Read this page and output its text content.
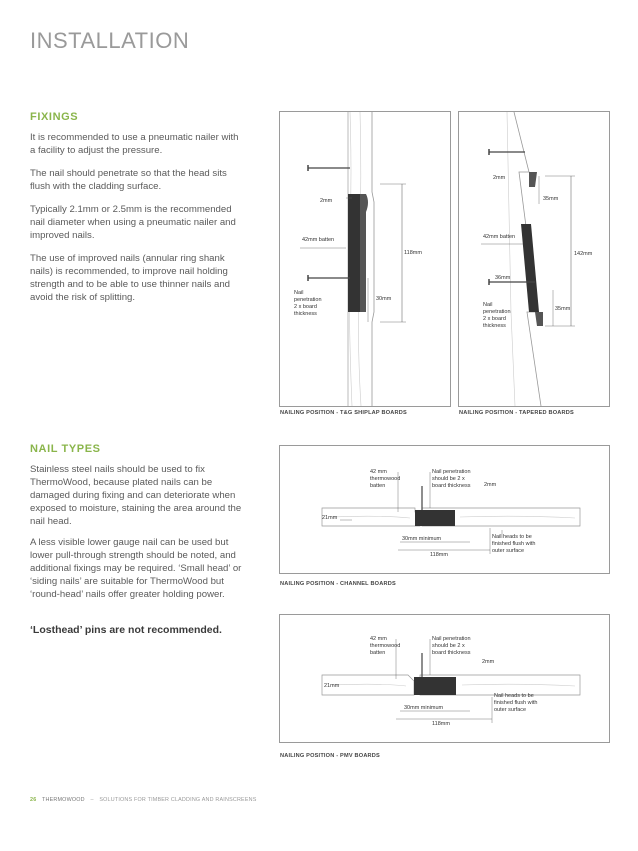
INSTALLATION
FIXINGS

It is recommended to use a pneumatic nailer with a facility to adjust the pressure.

The nail should penetrate so that the head sits flush with the cladding surface.

Typically 2.1mm or 2.5mm is the recommended nail diameter when using a pneumatic nailer and improved nails.

The use of improved nails (annular ring shank nails) is recommended, to improve nail holding strength and to be able to use thinner nails and avoid the risk of splitting.

NAIL TYPES

Stainless steel nails should be used to fix ThermoWood, because plated nails can be damaged during fixing and can deteriorate when exposed to moisture, staining the area around the nail head.

A less visible lower gauge nail can be used but lower pull-through strength should be noted, and additional fixings may be required. ‘Small head’ or ‘siding nails’ are suitable for ThermoWood but ‘round-head’ nails offer greater holding power.

‘Losthead’ pins are not recommended.

2mm
42mm batten
118mm
Nail
penetration
2 x board
thickness
30mm

NAILING POSITION - T&G SHIPLAP BOARDS

2mm
35mm
42mm batten
142mm
36mm
Nail
penetration
2 x board
thickness
35mm

NAILING POSITION - TAPERED BOARDS

42 mm
thermowood
batten
Nail penetration
should be 2 x
board thickness 2mm
21mm
30mm minimum
118mm
Nail heads to be
finished flush with
outer surface

NAILING POSITION - CHANNEL BOARDS

42 mm
thermowood
batten
Nail penetration
should be 2 x
board thickness
2mm
21mm
30mm minimum
118mm
Nail heads to be
finished flush with
outer surface

NAILING POSITION - PMV BOARDS

26 THERMOWOOD – SOLUTIONS FOR TIMBER CLADDING AND RAINSCREENS
